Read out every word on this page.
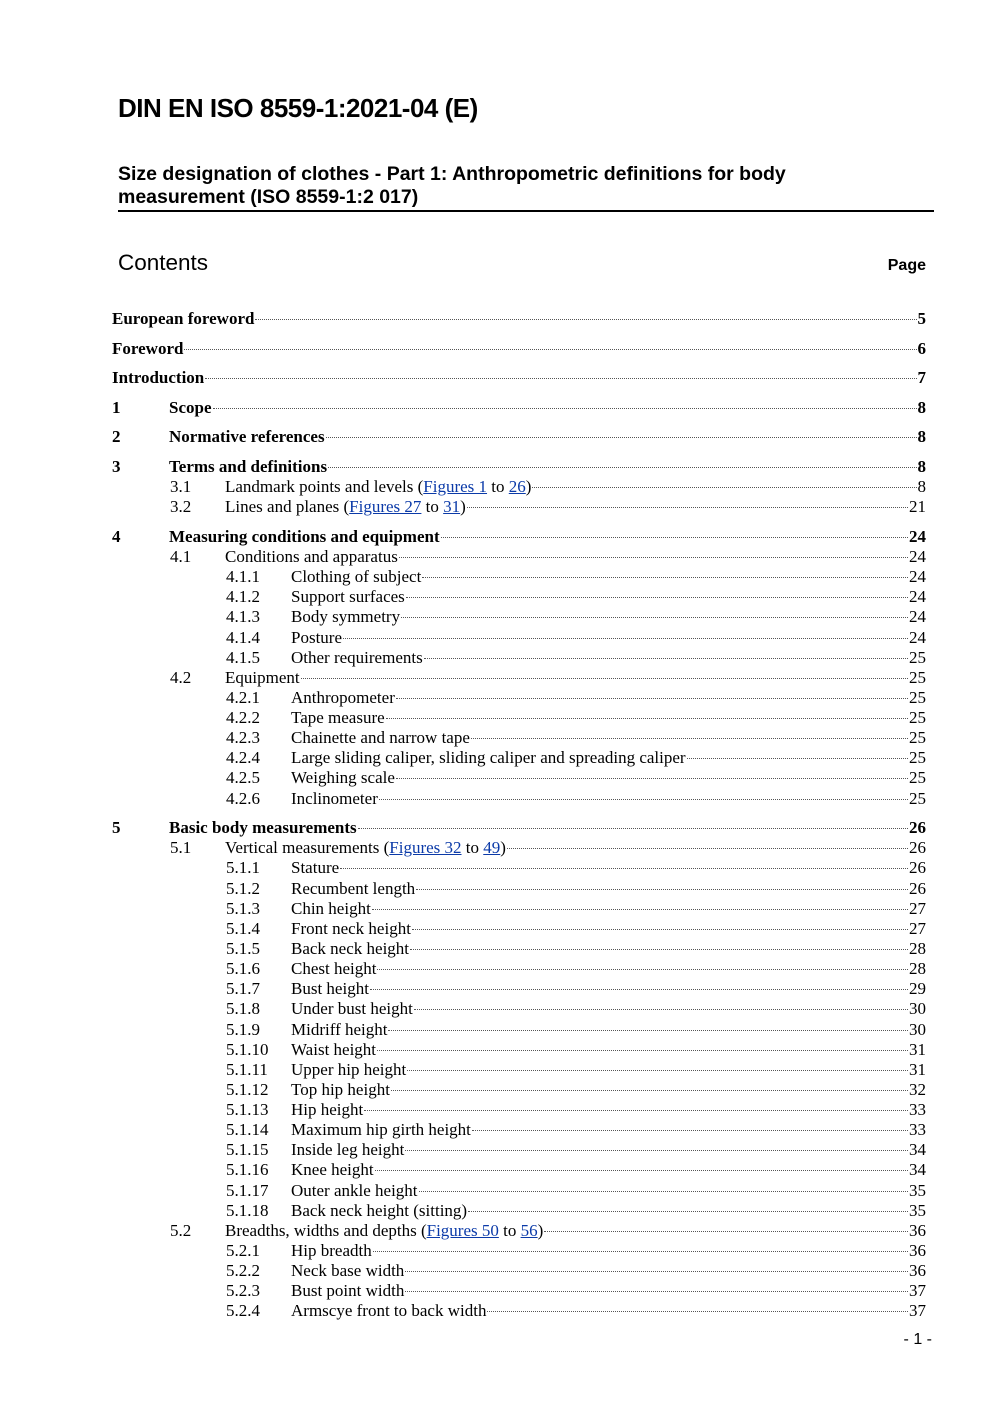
DIN EN ISO 8559-1:2021-04 (E)
Size designation of clothes - Part 1: Anthropometric definitions for body measurement (ISO 8559-1:2 017)
Contents	Page
European foreword	5
Foreword	6
Introduction	7
1	Scope	8
2	Normative references	8
3	Terms and definitions	8
3.1	Landmark points and levels (Figures 1 to 26)	8
3.2	Lines and planes (Figures 27 to 31)	21
4	Measuring conditions and equipment	24
4.1	Conditions and apparatus	24
4.1.1	Clothing of subject	24
4.1.2	Support surfaces	24
4.1.3	Body symmetry	24
4.1.4	Posture	24
4.1.5	Other requirements	25
4.2	Equipment	25
4.2.1	Anthropometer	25
4.2.2	Tape measure	25
4.2.3	Chainette and narrow tape	25
4.2.4	Large sliding caliper, sliding caliper and spreading caliper	25
4.2.5	Weighing scale	25
4.2.6	Inclinometer	25
5	Basic body measurements	26
5.1	Vertical measurements (Figures 32 to 49)	26
5.1.1	Stature	26
5.1.2	Recumbent length	26
5.1.3	Chin height	27
5.1.4	Front neck height	27
5.1.5	Back neck height	28
5.1.6	Chest height	28
5.1.7	Bust height	29
5.1.8	Under bust height	30
5.1.9	Midriff height	30
5.1.10	Waist height	31
5.1.11	Upper hip height	31
5.1.12	Top hip height	32
5.1.13	Hip height	33
5.1.14	Maximum hip girth height	33
5.1.15	Inside leg height	34
5.1.16	Knee height	34
5.1.17	Outer ankle height	35
5.1.18	Back neck height (sitting)	35
5.2	Breadths, widths and depths (Figures 50 to 56)	36
5.2.1	Hip breadth	36
5.2.2	Neck base width	36
5.2.3	Bust point width	37
5.2.4	Armscye front to back width	37
- 1 -
